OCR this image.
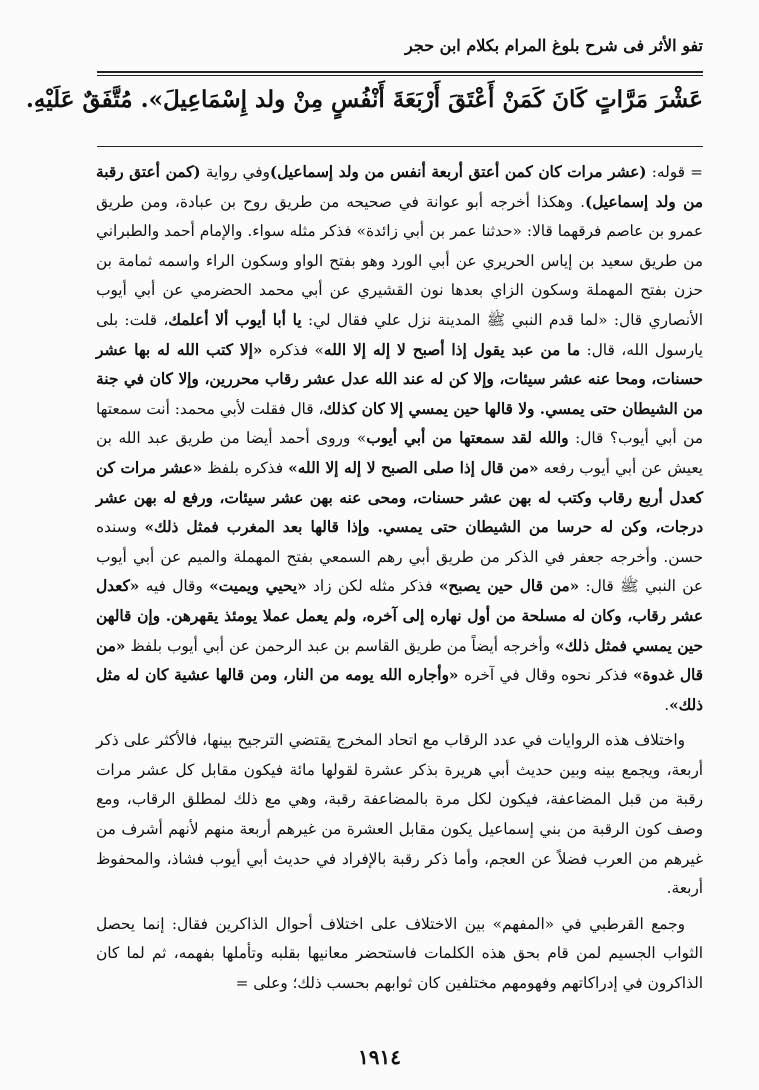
تفو الأثر فى شرح بلوغ المرام بكلام ابن حجر
عَشْرَ مَرَّاتٍ كَانَ كَمَنْ أَعْتَقَ أَرْبَعَةَ أَنْفُسٍ مِنْ ولد إِسْمَاعِيلَ». مُتَّفَقٌ عَلَيْهِ.

= قوله: (عشر مرات كان كمن أعتق أربعة أنفس من ولد إسماعيل)وفي رواية (كمن أعتق رقبة من ولد إسماعيل). وهكذا أخرجه أبو عوانة في صحيحه من طريق روح بن عبادة، ومن طريق عمرو بن عاصم فرقهما قالا: «حدثنا عمر بن أبي زائدة» فذكر مثله سواء. والإمام أحمد والطبراني من طريق سعيد بن إياس الحريري عن أبي الورد وهو بفتح الواو وسكون الراء واسمه ثمامة بن حزن بفتح المهملة وسكون الزاي بعدها نون القشيري عن أبي محمد الحضرمي عن أبي أيوب الأنصاري قال: «لما قدم النبي ﷺ المدينة نزل علي فقال لي: يا أبا أيوب ألا أعلمك، قلت: بلى يارسول الله، قال: ما من عبد يقول إذا أصبح لا إله إلا الله» فذكره «إلا كتب الله له بها عشر حسنات، ومحا عنه عشر سيئات، وإلا كن له عند الله عدل عشر رقاب محررين، وإلا كان في جنة من الشيطان حتى يمسي. ولا قالها حين يمسي إلا كان كذلك، قال فقلت لأبي محمد: أنت سمعتها من أبي أيوب؟ قال: والله لقد سمعتها من أبي أيوب» وروى أحمد أيضا من طريق عبد الله بن يعيش عن أبي أيوب رفعه «من قال إذا صلى الصبح لا إله إلا الله» فذكره بلفظ «عشر مرات كن كعدل أربع رقاب وكتب له بهن عشر حسنات، ومحى عنه بهن عشر سيئات، ورفع له بهن عشر درجات، وكن له حرسا من الشيطان حتى يمسي. وإذا قالها بعد المغرب فمثل ذلك» وسنده حسن. وأخرجه جعفر في الذكر من طريق أبي رهم السمعي بفتح المهملة والميم عن أبي أيوب عن النبي ﷺ قال: «من قال حين يصبح» فذكر مثله لكن زاد «يحيي ويميت» وقال فيه «كعدل عشر رقاب، وكان له مسلحة من أول نهاره إلى آخره، ولم يعمل عملا يومئذ يقهرهن. وإن قالهن حين يمسي فمثل ذلك» وأخرجه أيضاً من طريق القاسم بن عبد الرحمن عن أبي أيوب بلفظ «من قال غدوة» فذكر نحوه وقال في آخره «وأجاره الله يومه من النار، ومن قالها عشية كان له مثل ذلك».

واختلاف هذه الروايات في عدد الرقاب مع اتحاد المخرج يقتضي الترجيح بينها، فالأكثر على ذكر أربعة، ويجمع بينه وبين حديث أبي هريرة بذكر عشرة لقولها مائة فيكون مقابل كل عشر مرات رقبة من قبل المضاعفة، فيكون لكل مرة بالمضاعفة رقبة، وهي مع ذلك لمطلق الرقاب، ومع وصف كون الرقبة من بني إسماعيل يكون مقابل العشرة من غيرهم أربعة منهم لأنهم أشرف من غيرهم من العرب فضلاً عن العجم، وأما ذكر رقبة بالإفراد في حديث أبي أيوب فشاذ، والمحفوظ أربعة.

وجمع القرطبي في «المفهم» بين الاختلاف على اختلاف أحوال الذاكرين فقال: إنما يحصل الثواب الجسيم لمن قام بحق هذه الكلمات فاستحضر معانيها بقلبه وتأملها بفهمه، ثم لما كان الذاكرون في إدراكاتهم وفهومهم مختلفين كان ثوابهم بحسب ذلك؛ وعلى =

١٩١٤
